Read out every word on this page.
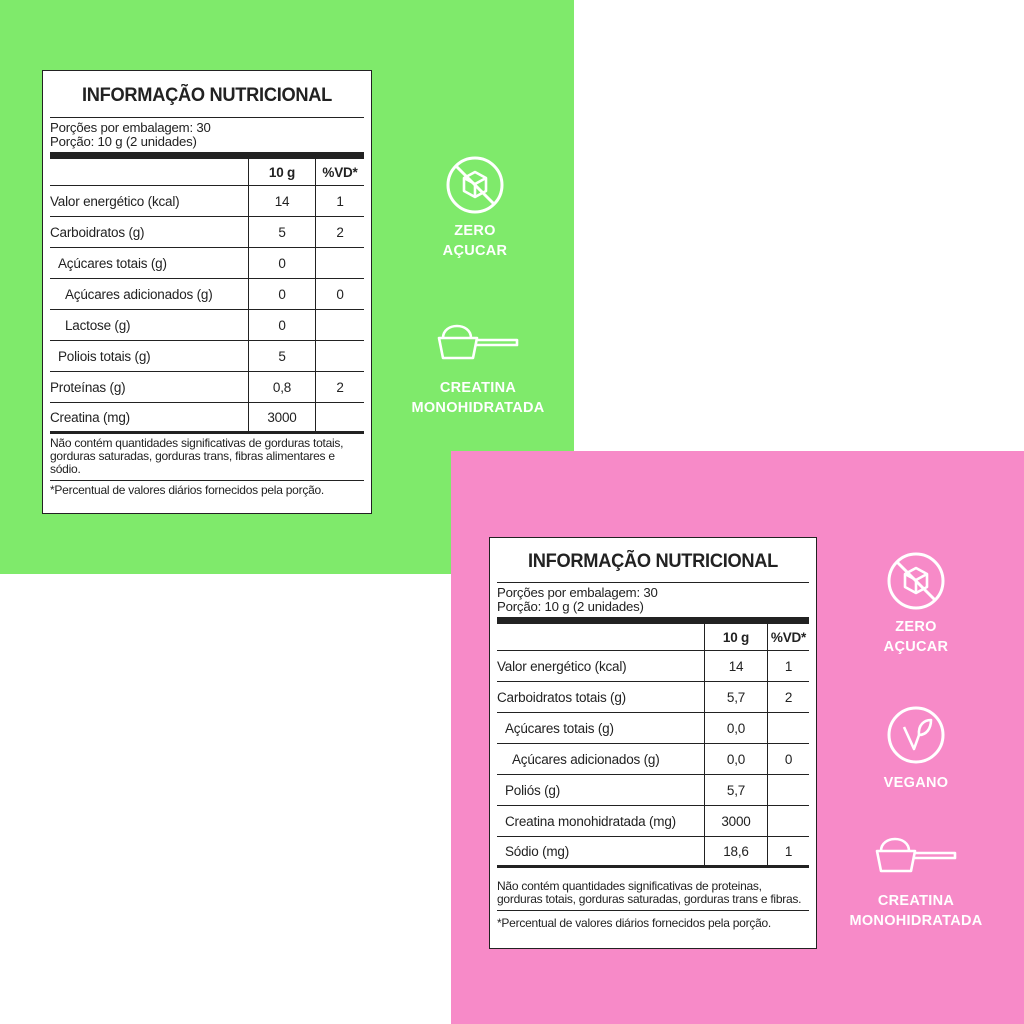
INFORMAÇÃO NUTRICIONAL
Porções por embalagem: 30
Porção: 10 g (2 unidades)
	10 g	%VD*
Valor energético (kcal)	14	1
Carboidratos (g)	5	2
Açúcares totais (g)	0	
Açúcares adicionados (g)	0	0
Lactose (g)	0	
Poliois totais (g)	5	
Proteínas (g)	0,8	2
Creatina (mg)	3000	
Não contém quantidades significativas de gorduras totais, gorduras saturadas, gorduras trans, fibras alimentares e sódio.
*Percentual de valores diários fornecidos pela porção.
ZERO
AÇUCAR
CREATINA
MONOHIDRATADA
INFORMAÇÃO NUTRICIONAL
Porções por embalagem: 30
Porção: 10 g (2 unidades)
	10 g	%VD*
Valor energético (kcal)	14	1
Carboidratos totais (g)	5,7	2
Açúcares totais (g)	0,0	
Açúcares adicionados (g)	0,0	0
Poliós (g)	5,7	
Creatina monohidratada (mg)	3000	
Sódio (mg)	18,6	1
Não contém quantidades significativas de proteinas, gorduras totais, gorduras saturadas, gorduras trans e fibras.
*Percentual de valores diários fornecidos pela porção.
ZERO
AÇUCAR
VEGANO
CREATINA
MONOHIDRATADA
